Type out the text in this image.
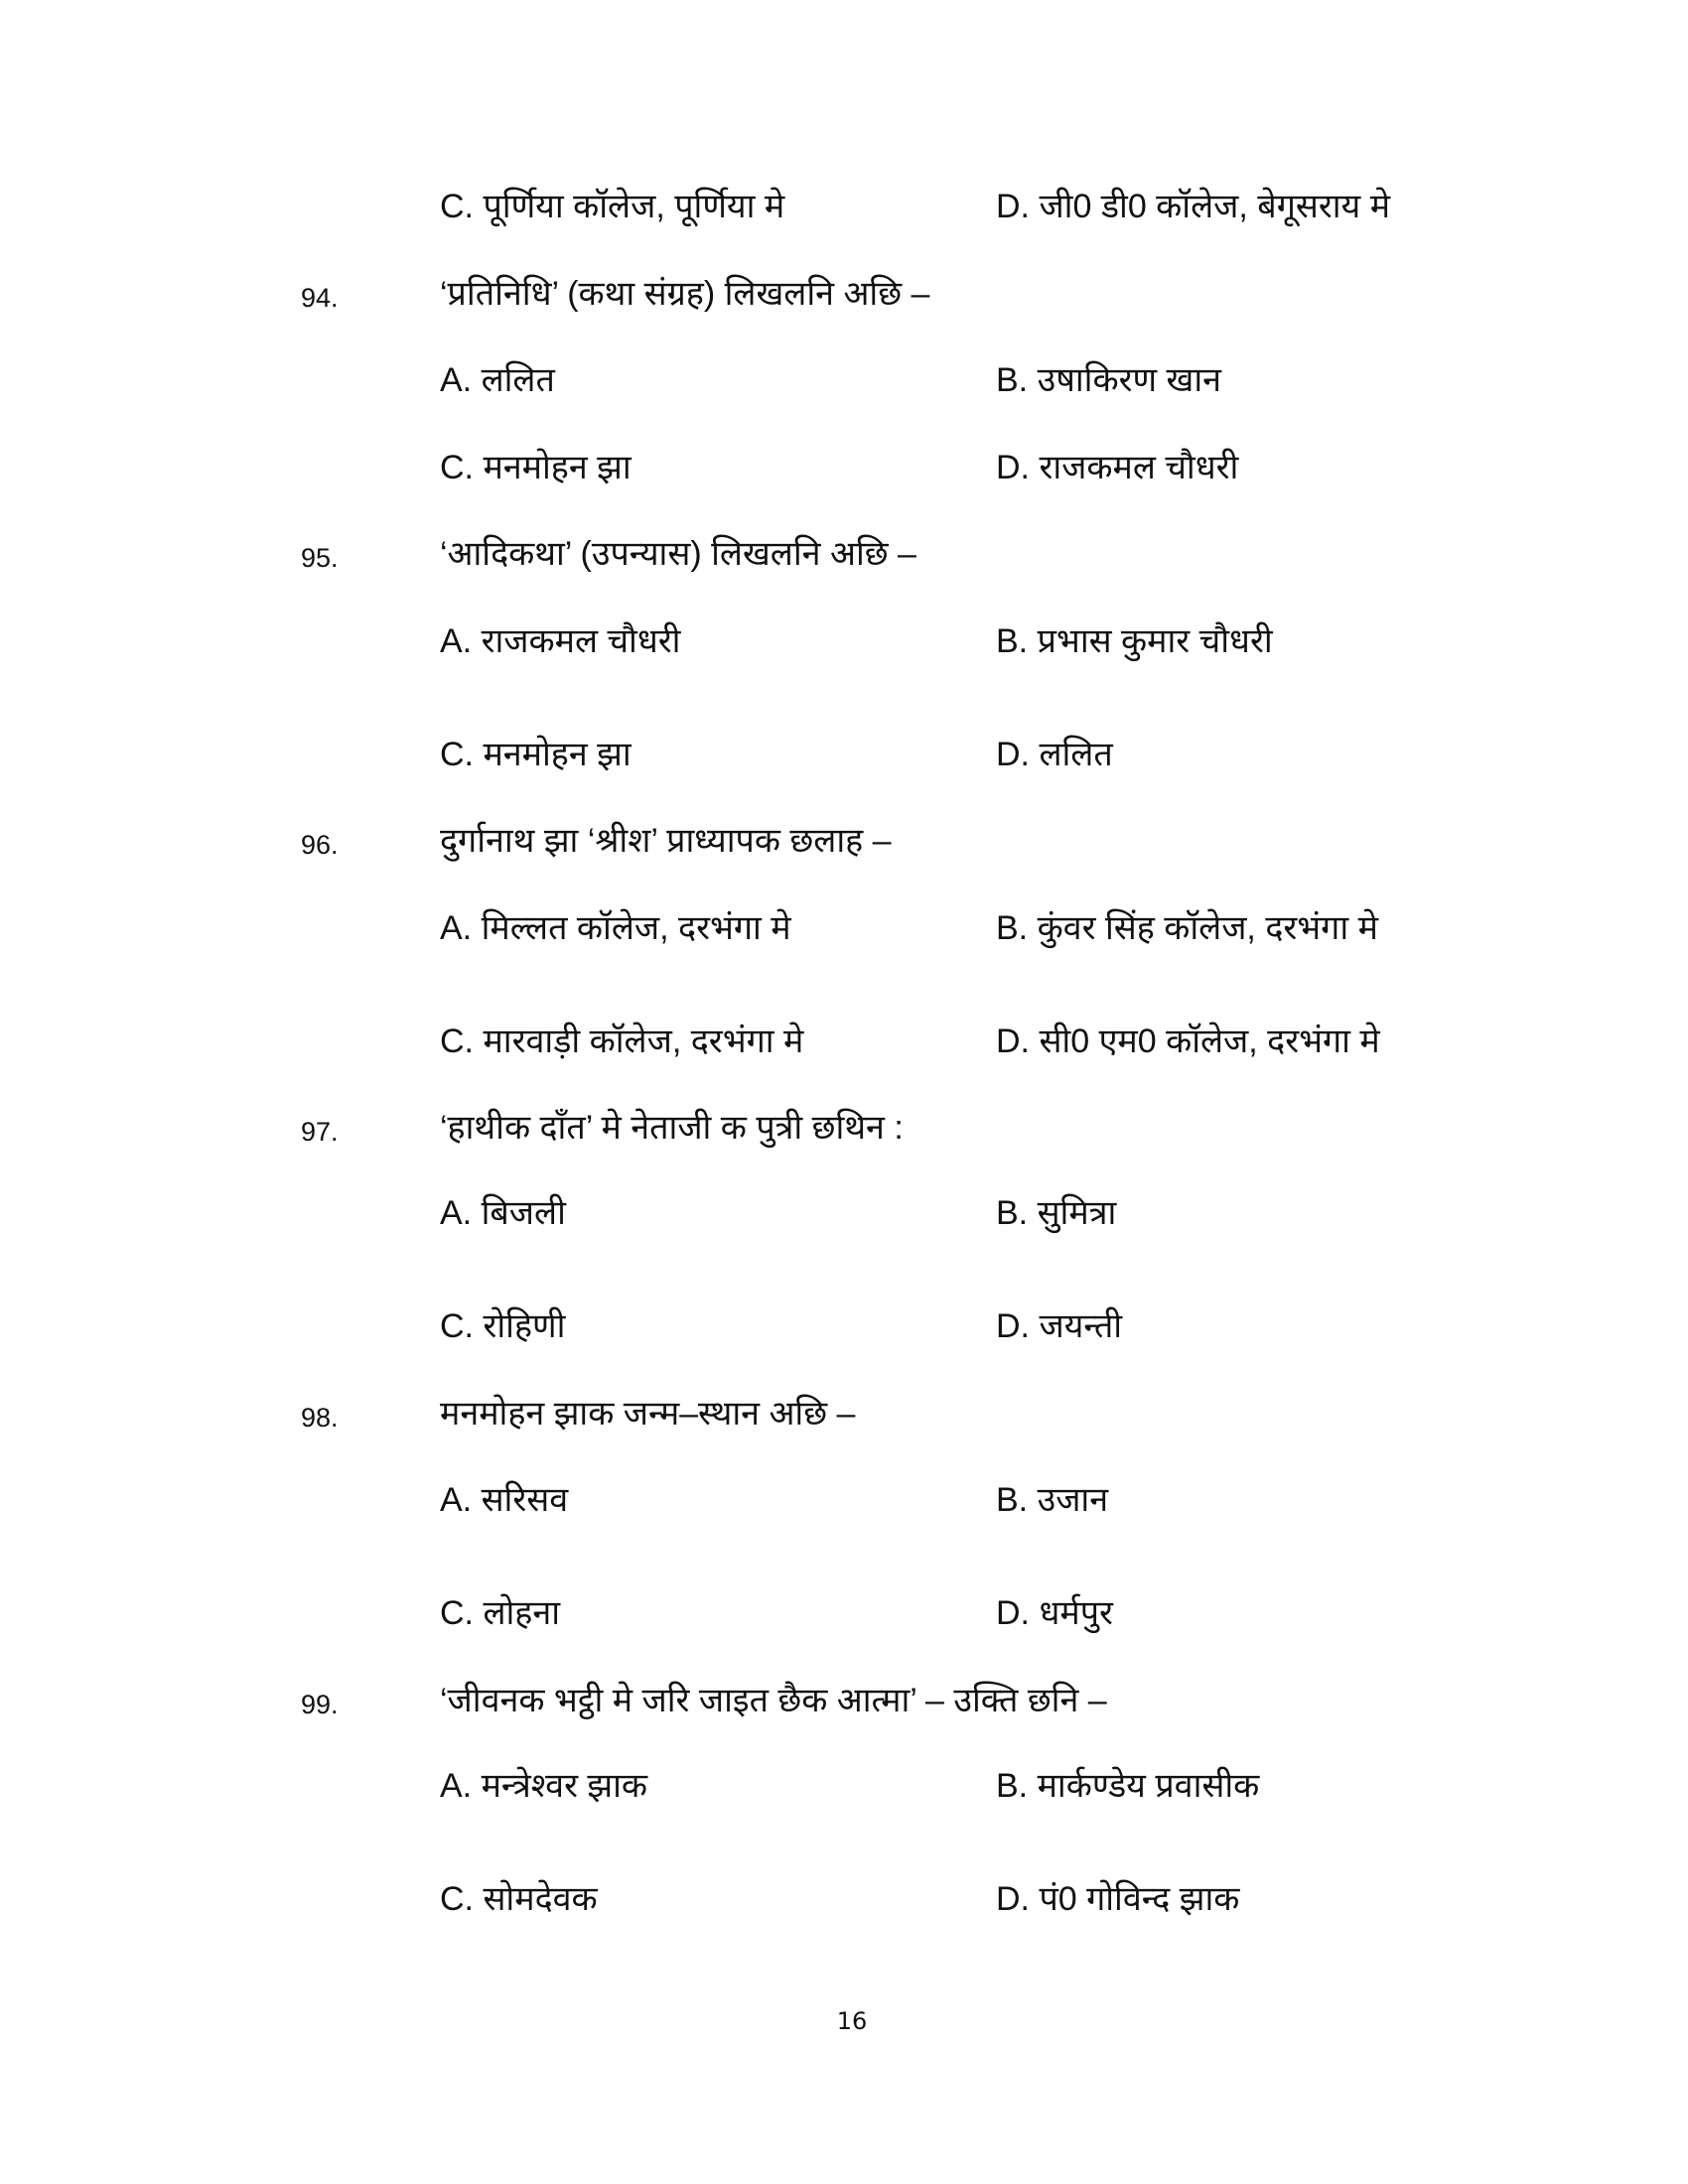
C. पूर्णिया कॉलेज, पूर्णिया मे	D. जी0 डी0 कॉलेज, बेगूसराय मे
94.	‘प्रतिनिधि’ (कथा संग्रह) लिखलनि अछि –
A. ललित	B. उषाकिरण खान
C. मनमोहन झा	D. राजकमल चौधरी
95.	‘आदिकथा’ (उपन्यास) लिखलनि अछि –
A. राजकमल चौधरी	B. प्रभास कुमार चौधरी
C. मनमोहन झा	D. ललित
96.	दुर्गानाथ झा ‘श्रीश’ प्राध्यापक छलाह –
A. मिल्लत कॉलेज, दरभंगा मे	B. कुंवर सिंह कॉलेज, दरभंगा मे
C. मारवाड़ी कॉलेज, दरभंगा मे	D. सी0 एम0 कॉलेज, दरभंगा मे
97.	‘हाथीक दाँत’ मे नेताजी क पुत्री छथिन :
A. बिजली	B. सुमित्रा
C. रोहिणी	D. जयन्ती
98.	मनमोहन झाक जन्म–स्थान अछि –
A. सरिसव	B. उजान
C. लोहना	D. धर्मपुर
99.	‘जीवनक भट्ठी मे जरि जाइत छैक आत्मा’ – उक्ति छनि –
A. मन्त्रेश्वर झाक	B. मार्कण्डेय प्रवासीक
C. सोमदेवक	D. पं0 गोविन्द झाक
16
